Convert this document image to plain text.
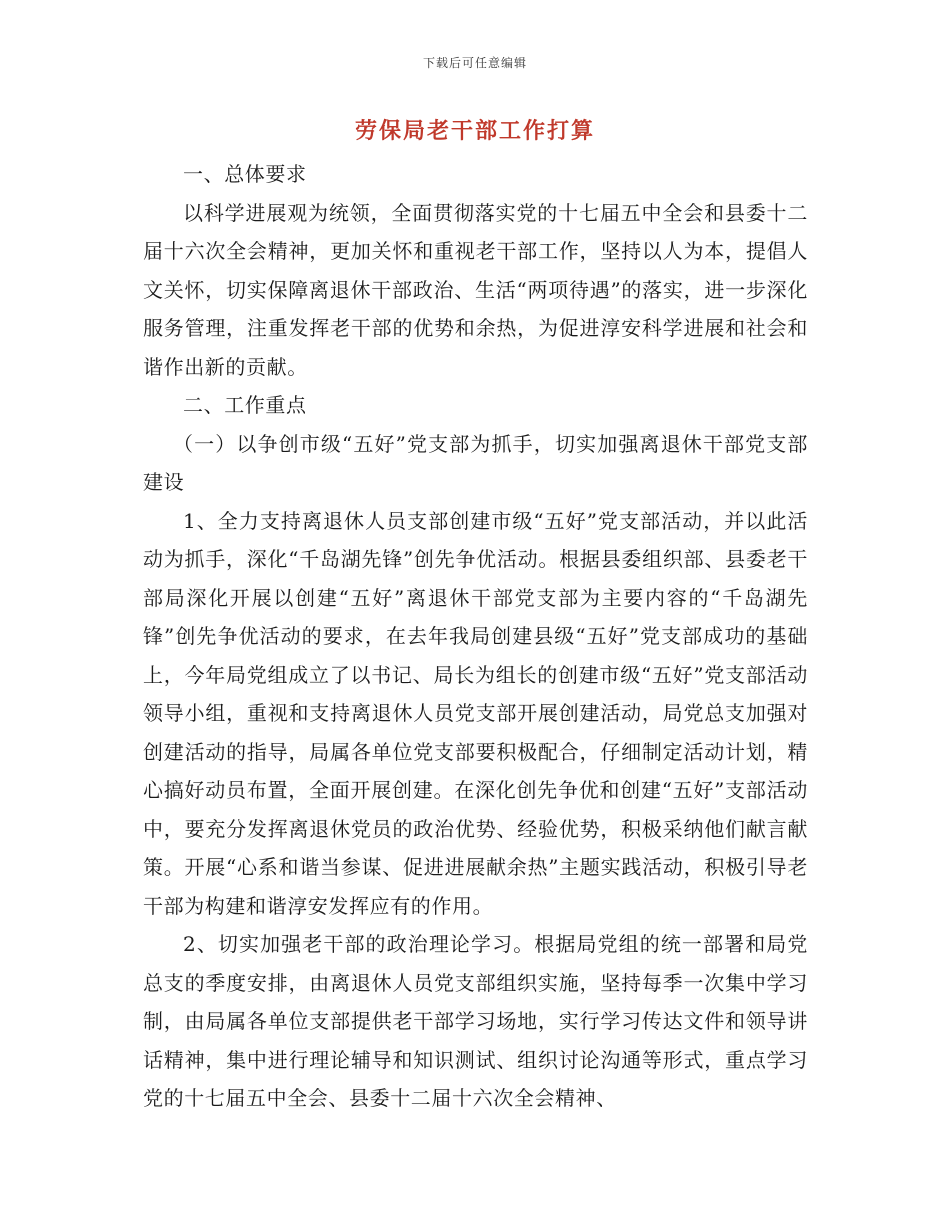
下载后可任意编辑
劳保局老干部工作打算

一、总体要求

以科学进展观为统领，全面贯彻落实党的十七届五中全会和县委十二届十六次全会精神，更加关怀和重视老干部工作，坚持以人为本，提倡人文关怀，切实保障离退休干部政治、生活“两项待遇”的落实，进一步深化服务管理，注重发挥老干部的优势和余热，为促进淳安科学进展和社会和谐作出新的贡献。

二、工作重点

（一）以争创市级“五好”党支部为抓手，切实加强离退休干部党支部建设

1、全力支持离退休人员支部创建市级“五好”党支部活动，并以此活动为抓手，深化“千岛湖先锋”创先争优活动。根据县委组织部、县委老干部局深化开展以创建“五好”离退休干部党支部为主要内容的“千岛湖先锋”创先争优活动的要求，在去年我局创建县级“五好”党支部成功的基础上，今年局党组成立了以书记、局长为组长的创建市级“五好”党支部活动领导小组，重视和支持离退休人员党支部开展创建活动，局党总支加强对创建活动的指导，局属各单位党支部要积极配合，仔细制定活动计划，精心搞好动员布置，全面开展创建。在深化创先争优和创建“五好”支部活动中，要充分发挥离退休党员的政治优势、经验优势，积极采纳他们献言献策。开展“心系和谐当参谋、促进进展献余热”主题实践活动，积极引导老干部为构建和谐淳安发挥应有的作用。

2、切实加强老干部的政治理论学习。根据局党组的统一部署和局党总支的季度安排，由离退休人员党支部组织实施，坚持每季一次集中学习制，由局属各单位支部提供老干部学习场地，实行学习传达文件和领导讲话精神，集中进行理论辅导和知识测试、组织讨论沟通等形式，重点学习党的十七届五中全会、县委十二届十六次全会精神、
